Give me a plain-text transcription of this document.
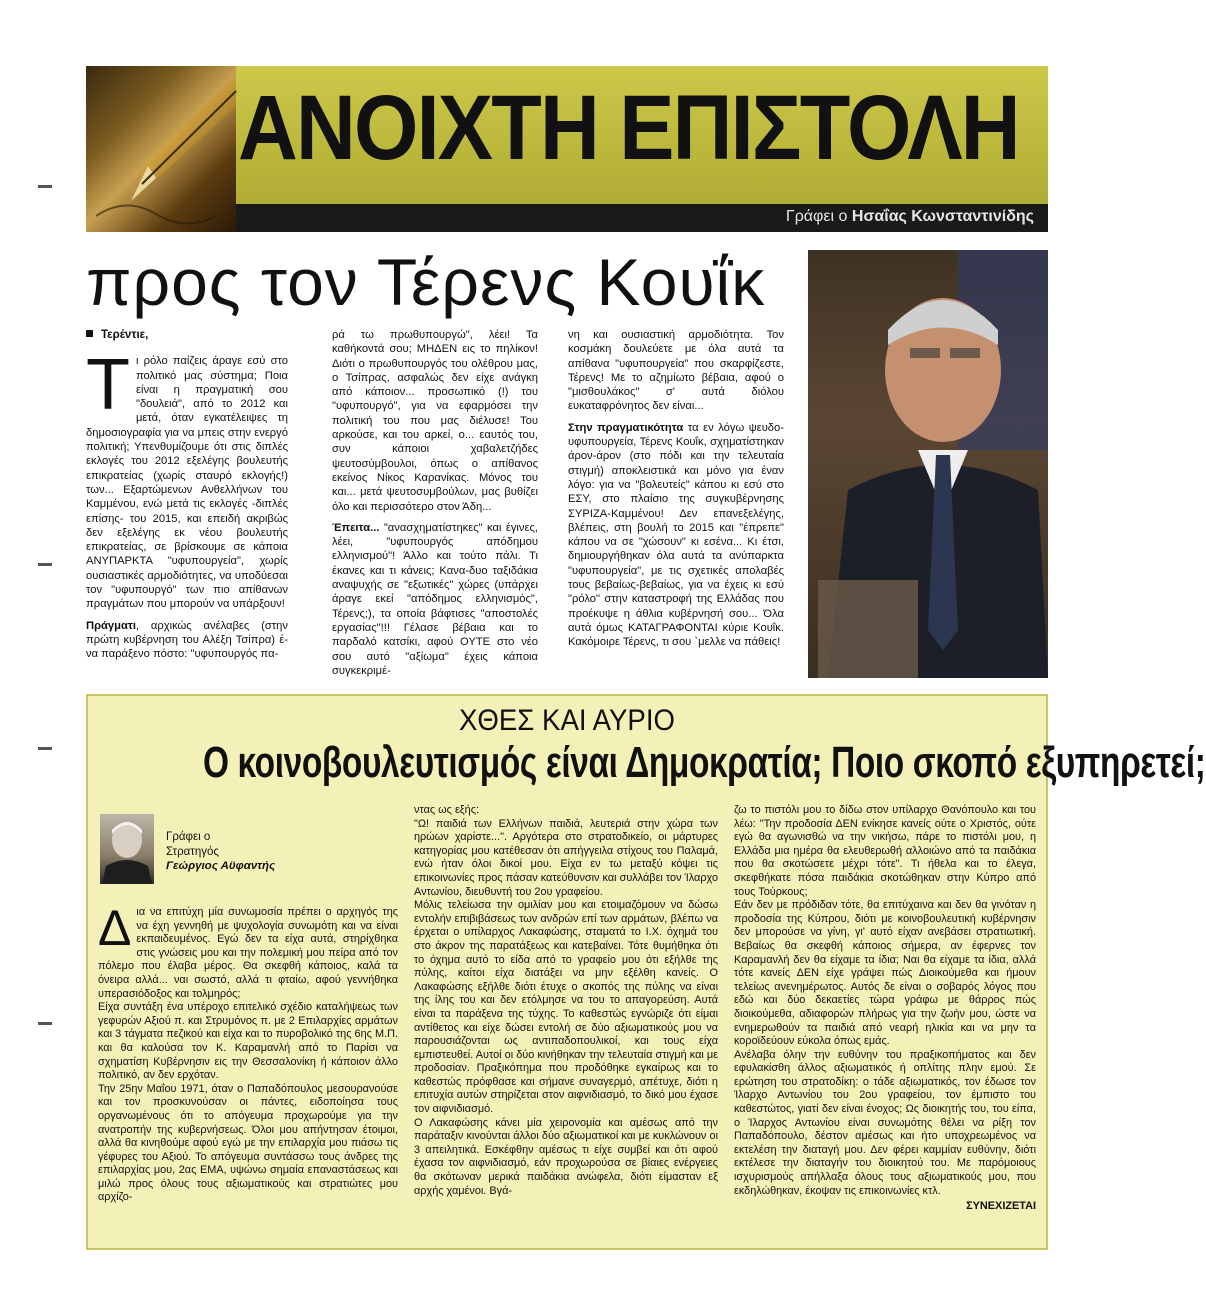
ΑΝΟΙΧΤΗ ΕΠΙΣΤΟΛΗ
Γράφει ο Ησαΐας Κωνσταντινίδης
προς τον Τέρενς Κουΐκ

Τερέντιε,

Τι ρόλο παίζεις άραγε εσύ στο πολιτικό μας σύστημα; Ποια είναι η πραγματική σου "δουλειά", από το 2012 και μετά, όταν εγκατέλειψες τη δημοσιογραφία για να μπεις στην ενεργό πολιτική; Υπενθυμίζουμε ότι στις διπλές εκλογές του 2012 εξελέγης βουλευτής επικρατείας (χωρίς σταυρό εκλογής!) των... Εξαρτώμενων Ανθελλήνων του Καμμένου, ενώ μετά τις εκλογές -διπλές επίσης- του 2015, και επειδή ακριβώς δεν εξελέγης εκ νέου βουλευτής επικρατείας, σε βρίσκουμε σε κάποια ΑΝΥΠΑΡΚΤΑ "υφυπουργεία", χωρίς ουσιαστικές αρμοδιότητες, να υποδύεσαι τον "υφυπουργό" των πιο απίθανων πραγμάτων που μπορούν να υπάρξουν!

Πράγματι, αρχικώς ανέλαβες (στην πρώτη κυβέρνηση του Αλέξη Τσίπρα) έ- να παράξενο πόστο: "υφυπουργός πα-

ρά τω πρωθυπουργώ", λέει! Τα καθήκοντά σου; ΜΗΔΕΝ εις το πηλίκον! Διότι ο πρωθυπουργός του ολέθρου μας, ο Τσίπρας, ασφαλώς δεν είχε ανάγκη από κάποιον... προσωπικό (!) του "υφυπουργό", για να εφαρμόσει την πολιτική του που μας διέλυσε! Του αρκούσε, και του αρκεί, ο... εαυτός του, συν κάποιοι χαβαλετζήδες ψευτοσύμβουλοι, όπως ο απίθανος εκείνος Νίκος Καρανίκας. Μόνος του και... μετά ψευτοσυμβούλων, μας βυθίζει όλο και περισσότερο στον Άδη...

Έπειτα... "ανασχηματίστηκες" και έγινες, λέει, "υφυπουργός απόδημου ελληνισμού"! Άλλο και τούτο πάλι. Τι έκανες και τι κάνεις; Κανα-δυο ταξιδάκια αναψυχής σε "εξωτικές" χώρες (υπάρχει άραγε εκεί "απόδημος ελληνισμός", Τέρενς;), τα οποία βάφτισες "αποστολές εργασίας"!!! Γέλασε βέβαια και το παρδαλό κατσίκι, αφού ΟΥΤΕ στο νέο σου αυτό "αξίωμα" έχεις κάποια συγκεκριμέ-

νη και ουσιαστική αρμοδιότητα. Τον κοσμάκη δουλεύετε με όλα αυτά τα απίθανα "υφυπουργεία" που σκαρφίζεστε, Τέρενς! Με το αζημίωτο βέβαια, αφού ο "μισθουλάκος" σ' αυτά διόλου ευκαταφρόνητος δεν είναι...

Στην πραγματικότητα τα εν λόγω ψευδο-υφυπουργεία, Τέρενς Κουΐκ, σχηματίστηκαν άρον-άρον (στο πόδι και την τελευταία στιγμή) αποκλειστικά και μόνο για έναν λόγο: για να "βολευτείς" κάπου κι εσύ στο ΕΣΥ, στο πλαίσιο της συγκυβέρνησης ΣΥΡΙΖΑ-Καμμένου! Δεν επανεξελέγης, βλέπεις, στη βουλή το 2015 και "έπρεπε" κάπου να σε "χώσουν" κι εσένα... Κι έτσι, δημιουργήθηκαν όλα αυτά τα ανύπαρκτα "υφυπουργεία", με τις σχετικές απολαβές τους βεβαίως-βεβαίως, για να έχεις κι εσύ "ρόλο" στην καταστροφή της Ελλάδας που προέκυψε η άθλια κυβέρνησή σου... Όλα αυτά όμως ΚΑΤΑΓΡΑΦΟΝΤΑΙ κύριε Κουΐκ. Κακόμοιρε Τέρενς, τι σου `μελλε να πάθεις!

ΧΘΕΣ ΚΑΙ ΑΥΡΙΟ
Ο κοινοβουλευτισμός είναι Δημοκρατία; Ποιο σκοπό εξυπηρετεί;
Γράφει ο
Στρατηγός
Γεώργιος Αϋφαντής

Δια να επιτύχη μία συνωμοσία πρέπει ο αρχηγός της να έχη γεννηθή με ψυχολογία συνωμότη και να είναι εκπαιδευμένος. Εγώ δεν τα είχα αυτά, στηρίχθηκα στις γνώσεις μου και την πολεμική μου πείρα από τον πόλεμο που έλαβα μέρος. Θα σκεφθή κάποιος, καλά τα όνειρα αλλά... ναι σωστό, αλλά τι φταίω, αφού γεννήθηκα υπερασιόδοξος και τολμηρός;

Είχα συντάξη ένα υπέροχο επιτελικό σχέδιο καταλήψεως των γεφυρών Αξιού π. και Στρυμόνος π. με 2 Επιλαρχίες αρμάτων και 3 τάγματα πεζικού και είχα και το πυροβολικό της 6ης Μ.Π. και θα καλούσα τον Κ. Καραμανλή από το Παρίσι να σχηματίση Κυβέρνησιν εις την Θεσσαλονίκη ή κάποιον άλλο πολιτικό, αν δεν ερχόταν.

Την 25ην Μαΐου 1971, όταν ο Παπαδόπουλος μεσουρανούσε και τον προσκυνούσαν οι πάντες, ειδοποίησα τους οργανωμένους ότι το απόγευμα προχωρούμε για την ανατροπήν της κυβερνήσεως. Όλοι μου απήντησαν έτοιμοι, αλλά θα κινηθούμε αφού εγώ με την επιλαρχία μου πιάσω τις γέφυρες του Αξιού. Το απόγευμα συντάσσω τους άνδρες της επιλαρχίας μου, 2ας ΕΜΑ, υψώνω σημαία επαναστάσεως και μιλώ προς όλους τους αξιωματικούς και στρατιώτες μου αρχίζο-

ντας ως εξής:

"Ω! παιδιά των Ελλήνων παιδιά, λευτεριά στην χώρα των ηρώων χαρίστε...". Αργότερα στο στρατοδικείο, οι μάρτυρες κατηγορίας μου κατέθεσαν ότι απήγγειλα στίχους του Παλαμά, ενώ ήταν όλοι δικοί μου. Είχα εν τω μεταξύ κόψει τις επικοινωνίες προς πάσαν κατεύθυνσιν και συλλάβει τον Ίλαρχο Αντωνίου, διευθυντή του 2ου γραφείου.

Μόλις τελείωσα την ομιλίαν μου και ετοιμαζόμουν να δώσω εντολήν επιβιβάσεως των ανδρών επί των αρμάτων, βλέπω να έρχεται ο υπίλαρχος Λακαφώσης, σταματά το Ι.Χ. όχημά του στο άκρον της παρατάξεως και κατεβαίνει. Τότε θυμήθηκα ότι το όχημα αυτό το είδα από το γραφείο μου ότι εξήλθε της πύλης, καίτοι είχα διατάξει να μην εξέλθη κανείς. Ο Λακαφώσης εξήλθε διότι έτυχε ο σκοπός της πύλης να είναι της ίλης του και δεν ετόλμησε να του το απαγορεύση. Αυτά είναι τα παράξενα της τύχης. Το καθεστώς εγνώριζε ότι είμαι αντίθετος και είχε δώσει εντολή σε δύο αξιωματικούς μου να παρουσιάζονται ως αντιπαδοπουλικοί, και τους είχα εμπιστευθεί. Αυτοί οι δύο κινήθηκαν την τελευταία στιγμή και με προδοσίαν. Πραξικόπημα που προδόθηκε εγκαίρως και το καθεστώς πρόφθασε και σήμανε συναγερμό, απέτυχε, διότι η επιτυχία αυτών στηρίζεται στον αιφνιδιασμό, το δικό μου έχασε τον αιφνιδιασμό.

Ο Λακαφώσης κάνει μία χειρονομία και αμέσως από την παράταξιν κινούνται άλλοι δύο αξιωματικοί και με κυκλώνουν οι 3 απειλητικά. Εσκέφθην αμέσως τι είχε συμβεί και ότι αφού έχασα τον αιφνιδιασμό, εάν προχωρούσα σε βίαιες ενέργειες θα σκότωναν μερικά παιδάκια ανώφελα, διότι είμασταν εξ αρχής χαμένοι. Βγά-

ζω το πιστόλι μου το δίδω στον υπίλαρχο Θανόπουλο και του λέω: "Την προδοσία ΔΕΝ ενίκησε κανείς ούτε ο Χριστός, ούτε εγώ θα αγωνισθώ να την νικήσω, πάρε το πιστόλι μου, η Ελλάδα μια ημέρα θα ελευθερωθή αλλοιώνο από τα παιδάκια που θα σκοτώσετε μέχρι τότε". Τι ήθελα και το έλεγα, σκεφθήκατε πόσα παιδάκια σκοτώθηκαν στην Κύπρο από τους Τούρκους;

Εάν δεν με πρόδιδαν τότε, θα επιτύχαινα και δεν θα γινόταν η προδοσία της Κύπρου, διότι με κοινοβουλευτική κυβέρνησιν δεν μπορούσε να γίνη, γι' αυτό είχαν ανεβάσει στρατιωτική. Βεβαίως θα σκεφθή κάποιος σήμερα, αν έφερνες τον Καραμανλή δεν θα είχαμε τα ίδια; Ναι θα είχαμε τα ίδια, αλλά τότε κανείς ΔΕΝ είχε γράψει πώς Διοικούμεθα και ήμουν τελείως ανενημέρωτος. Αυτός δε είναι ο σοβαρός λόγος που εδώ και δύο δεκαετίες τώρα γράφω με θάρρος πώς διοικούμεθα, αδιαφορών πλήρως για την ζωήν μου, ώστε να ενημερωθούν τα παιδιά από νεαρή ηλικία και να μην τα κοροϊδεύουν εύκολα όπως εμάς.

Ανέλαβα όλην την ευθύνην του πραξικοπήματος και δεν εφυλακίσθη άλλος αξιωματικός ή οπλίτης πλην εμού. Σε ερώτηση του στρατοδίκη: ο τάδε αξιωματικός, τον έδωσε τον Ίλαρχο Αντωνίου του 2ου γραφείου, τον έμπιστο του καθεστώτος, γιατί δεν είναι ένοχος; Ως διοικητής του, του είπα, ο Ίλαρχος Αντωνίου είναι συνωμότης θέλει να ρίξη τον Παπαδόπουλο, δέστον αμέσως και ήτο υποχρεωμένος να εκτελέση την διαταγή μου. Δεν φέρει καμμίαν ευθύνην, διότι εκτέλεσε την διαταγήν του διοικητού του. Με παρόμοιους ισχυρισμούς απήλλαξα όλους τους αξιωματικούς μου, που εκδηλώθηκαν, έκοψαν τις επικοινωνίες κτλ.

ΣΥΝΕΧΙΖΕΤΑΙ
